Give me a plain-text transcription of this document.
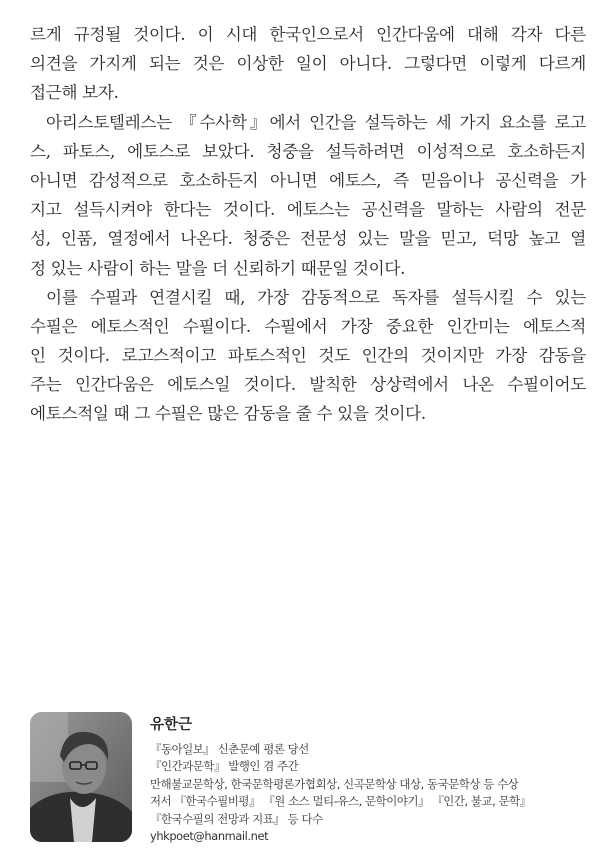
르게 규정될 것이다. 이 시대 한국인으로서 인간다움에 대해 각자 다른
의견을 가지게 되는 것은 이상한 일이 아니다. 그렇다면 이렇게 다르게
접근해 보자.
아리스토텔레스는 『수사학』에서 인간을 설득하는 세 가지 요소를 로고
스, 파토스, 에토스로 보았다. 청중을 설득하려면 이성적으로 호소하든지
아니면 감성적으로 호소하든지 아니면 에토스, 즉 믿음이나 공신력을 가
지고 설득시켜야 한다는 것이다. 에토스는 공신력을 말하는 사람의 전문
성, 인품, 열정에서 나온다. 청중은 전문성 있는 말을 믿고, 덕망 높고 열
정 있는 사람이 하는 말을 더 신뢰하기 때문일 것이다.
이를 수필과 연결시킬 때, 가장 감동적으로 독자를 설득시킬 수 있는
수필은 에토스적인 수필이다. 수필에서 가장 중요한 인간미는 에토스적
인 것이다. 로고스적이고 파토스적인 것도 인간의 것이지만 가장 감동을
주는 인간다움은 에토스일 것이다. 발칙한 상상력에서 나온 수필이어도
에토스적일 때 그 수필은 많은 감동을 줄 수 있을 것이다.
유한근
『동아일보』 신춘문예 평론 당선
『인간과문학』 발행인 겸 주간
만해불교문학상, 한국문학평론가협회상, 신곡문학상 대상, 동국문학상 등 수상
저서 『한국수필비평』 『원 소스 멀티-유스, 문학이야기』 『인간, 불교, 문학』
『한국수필의 전망과 지표』 등 다수
yhkpoet@hanmail.net
